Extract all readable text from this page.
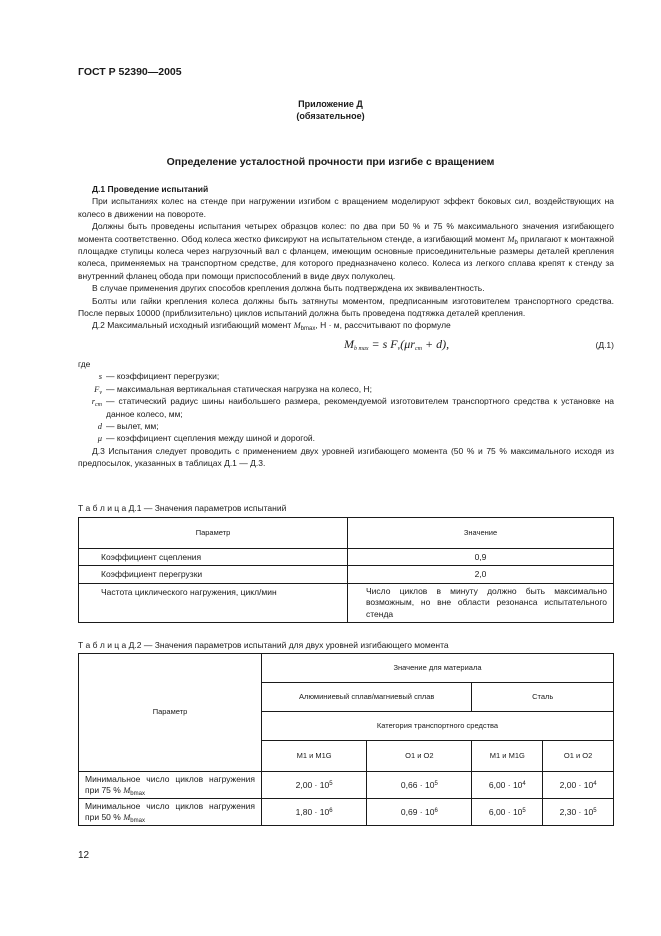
ГОСТ Р 52390—2005
Приложение Д
(обязательное)
Определение усталостной прочности при изгибе с вращением

Д.1 Проведение испытаний

При испытаниях колес на стенде при нагружении изгибом с вращением моделируют эффект боковых сил, воздействующих на колесо в движении на повороте.

Должны быть проведены испытания четырех образцов колес: по два при 50 % и 75 % максимального значения изгибающего момента соответственно. Обод колеса жестко фиксируют на испытательном стенде, а изгибающий момент $M_b$ прилагают к монтажной площадке ступицы колеса через нагрузочный вал с фланцем, имеющим основные присоединительные размеры деталей крепления колеса, применяемых на транспортном средстве, для которого предназначено колесо. Колеса из легкого сплава крепят к стенду за внутренний фланец обода при помощи приспособлений в виде двух полуколец.

В случае применения других способов крепления должна быть подтверждена их эквивалентность.

Болты или гайки крепления колеса должны быть затянуты моментом, предписанным изготовителем транспортного средства. После первых 10000 (приблизительно) циклов испытаний должна быть проведена подтяжка деталей крепления.

Д.2 Максимальный исходный изгибающий момент $M_{bmax}$, Н · м, рассчитывают по формуле

$M_{b max} = s$ $F_v(\mu r_{ст} + d)$,	(Д.1)

где

s — коэффициент перегрузки;
$F_v$ — максимальная вертикальная статическая нагрузка на колесо, Н;
$r_{ст}$ — статический радиус шины наибольшего размера, рекомендуемой изготовителем транспортного средства к установке на данное колесо, мм;
d — вылет, мм;
μ — коэффициент сцепления между шиной и дорогой.

Д.3 Испытания следует проводить с применением двух уровней изгибающего момента (50 % и 75 % максимального исходя из предпосылок, указанных в таблицах Д.1 — Д.3.

Т а б л и ц а Д.1 — Значения параметров испытаний
Параметр	Значение
Коэффициент сцепления	0,9
Коэффициент перегрузки	2,0
Частота циклического нагружения, цикл/мин	Число циклов в минуту должно быть максимально возможным, но вне области резонанса испытательного стенда
Т а б л и ц а Д.2 — Значения параметров испытаний для двух уровней изгибающего момента
Параметр	Значение для материала			
	Алюминиевый сплав/магниевый сплав		Сталь	
	Категория транспортного средства			
	M1 и M1G	O1 и O2	M1 и M1G	O1 и O2
Минимальное число циклов нагружения при 75 % $M_{bmax}$	$2,00 \cdot 10^5$	$0,66 \cdot 10^5$	$6,00 \cdot 10^4$	$2,00 \cdot 10^4$
Минимальное число циклов нагружения при 50 % $M_{bmax}$	$1,80 \cdot 10^6$	$0,69 \cdot 10^6$	$6,00 \cdot 10^5$	$2,30 \cdot 10^5$
12
